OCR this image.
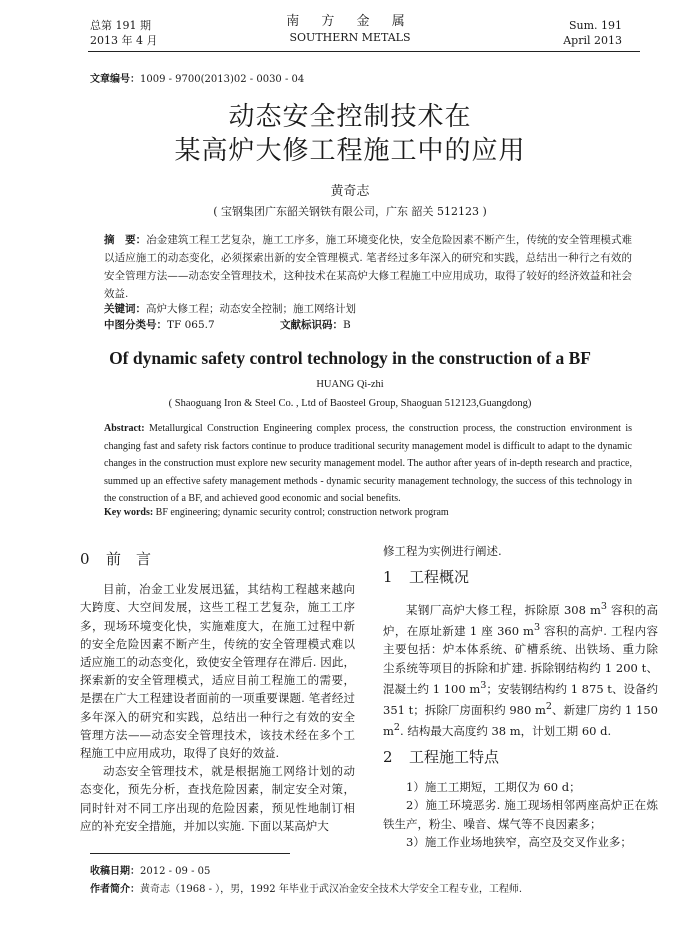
总第 191 期
2013 年 4 月
南 方 金 属
SOUTHERN METALS
Sum. 191
April 2013
文章编号：1009 - 9700(2013)02 - 0030 - 04
动态安全控制技术在
某高炉大修工程施工中的应用
黄奇志
( 宝钢集团广东韶关钢铁有限公司，广东 韶关 512123 )
摘　要：冶金建筑工程工艺复杂，施工工序多，施工环境变化快，安全危险因素不断产生，传统的安全管理模式难以适应施工的动态变化，必须探索出新的安全管理模式. 笔者经过多年深入的研究和实践，总结出一种行之有效的安全管理方法——动态安全管理技术，这种技术在某高炉大修工程施工中应用成功，取得了较好的经济效益和社会效益.
关键词：高炉大修工程；动态安全控制；施工网络计划
中图分类号：TF 065.7	文献标识码：B
Of dynamic safety control technology in the construction of a BF
HUANG Qi-zhi
( Shaoguang Iron & Steel Co. , Ltd of Baosteel Group, Shaoguan 512123,Guangdong)
Abstract: Metallurgical Construction Engineering complex process, the construction process, the construction environment is changing fast and safety risk factors continue to produce traditional security management model is difficult to adapt to the dynamic changes in the construction must explore new security management model. The author after years of in-depth research and practice, summed up an effective safety management methods - dynamic security management technology, the success of this technology in the construction of a BF, and achieved good economic and social benefits.
Key words: BF engineering; dynamic security control; construction network program
0 前　言

目前，冶金工业发展迅猛，其结构工程越来越向大跨度、大空间发展，这些工程工艺复杂，施工工序多，现场环境变化快，实施难度大，在施工过程中新的安全危险因素不断产生，传统的安全管理模式难以适应施工的动态变化，致使安全管理存在滞后. 因此，探索新的安全管理模式，适应目前工程施工的需要，是摆在广大工程建设者面前的一项重要课题. 笔者经过多年深入的研究和实践，总结出一种行之有效的安全管理方法——动态安全管理技术，该技术经在多个工程施工中应用成功，取得了良好的效益.

动态安全管理技术，就是根据施工网络计划的动态变化，预先分析，查找危险因素，制定安全对策，同时针对不同工序出现的危险因素，预见性地制订相应的补充安全措施，并加以实施. 下面以某高炉大

修工程为实例进行阐述.

1 工程概况

某钢厂高炉大修工程，拆除原 308 $m^3$ 容积的高炉，在原址新建 1 座 360 $m^3$ 容积的高炉. 工程内容主要包括：炉本体系统、矿槽系统、出铁场、重力除尘系统等项目的拆除和扩建. 拆除钢结构约 1 200 t、混凝土约 1 100 $m^3$；安装钢结构约 1 875 t、设备约 351 t；拆除厂房面积约 980 $m^2$、新建厂房约 1 150 $m^2$. 结构最大高度约 38 m，计划工期 60 d.

2 工程施工特点

1）施工工期短，工期仅为 60 d；

2）施工环境恶劣. 施工现场相邻两座高炉正在炼铁生产，粉尘、噪音、煤气等不良因素多；

3）施工作业场地狭窄，高空及交叉作业多；

收稿日期：2012 - 09 - 05
作者简介：黄奇志（1968 - ），男，1992 年毕业于武汉冶金安全技术大学安全工程专业，工程师.
